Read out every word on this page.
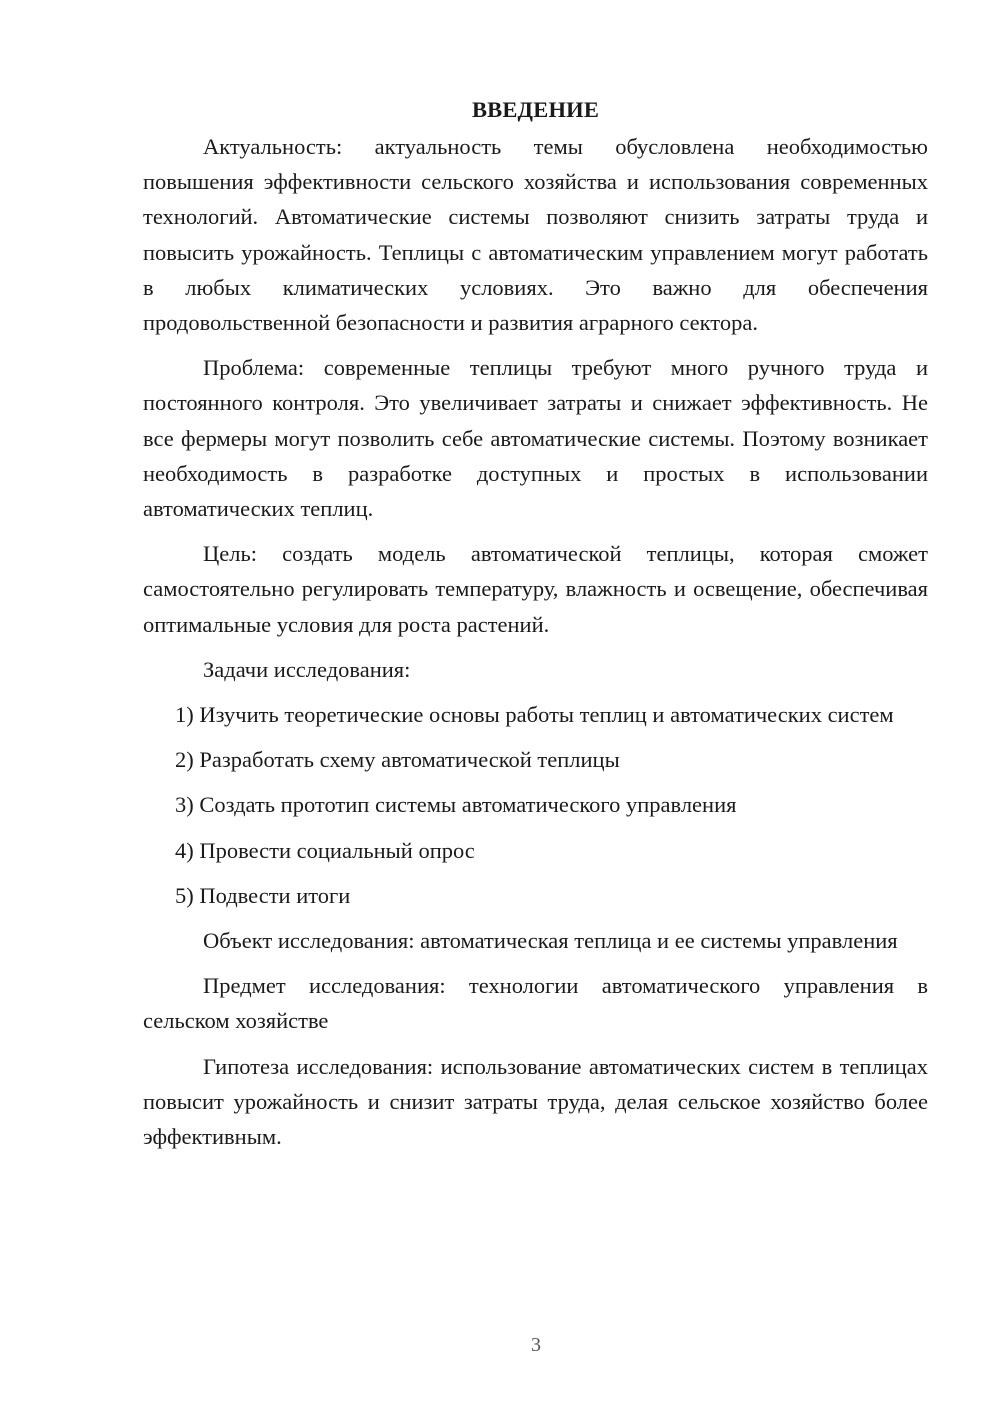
ВВЕДЕНИЕ

Актуальность: актуальность темы обусловлена необходимостью повышения эффективности сельского хозяйства и использования современных технологий. Автоматические системы позволяют снизить затраты труда и повысить урожайность. Теплицы с автоматическим управлением могут работать в любых климатических условиях. Это важно для обеспечения продовольственной безопасности и развития аграрного сектора.

Проблема: современные теплицы требуют много ручного труда и постоянного контроля. Это увеличивает затраты и снижает эффективность. Не все фермеры могут позволить себе автоматические системы. Поэтому возникает необходимость в разработке доступных и простых в использовании автоматических теплиц.

Цель: создать модель автоматической теплицы, которая сможет самостоятельно регулировать температуру, влажность и освещение, обеспечивая оптимальные условия для роста растений.

Задачи исследования:

1) Изучить теоретические основы работы теплиц и автоматических систем

2) Разработать схему автоматической теплицы

3) Создать прототип системы автоматического управления

4) Провести социальный опрос

5) Подвести итоги

Объект исследования: автоматическая теплица и ее системы управления

Предмет исследования: технологии автоматического управления в сельском хозяйстве

Гипотеза исследования: использование автоматических систем в теплицах повысит урожайность и снизит затраты труда, делая сельское хозяйство более эффективным.

3
